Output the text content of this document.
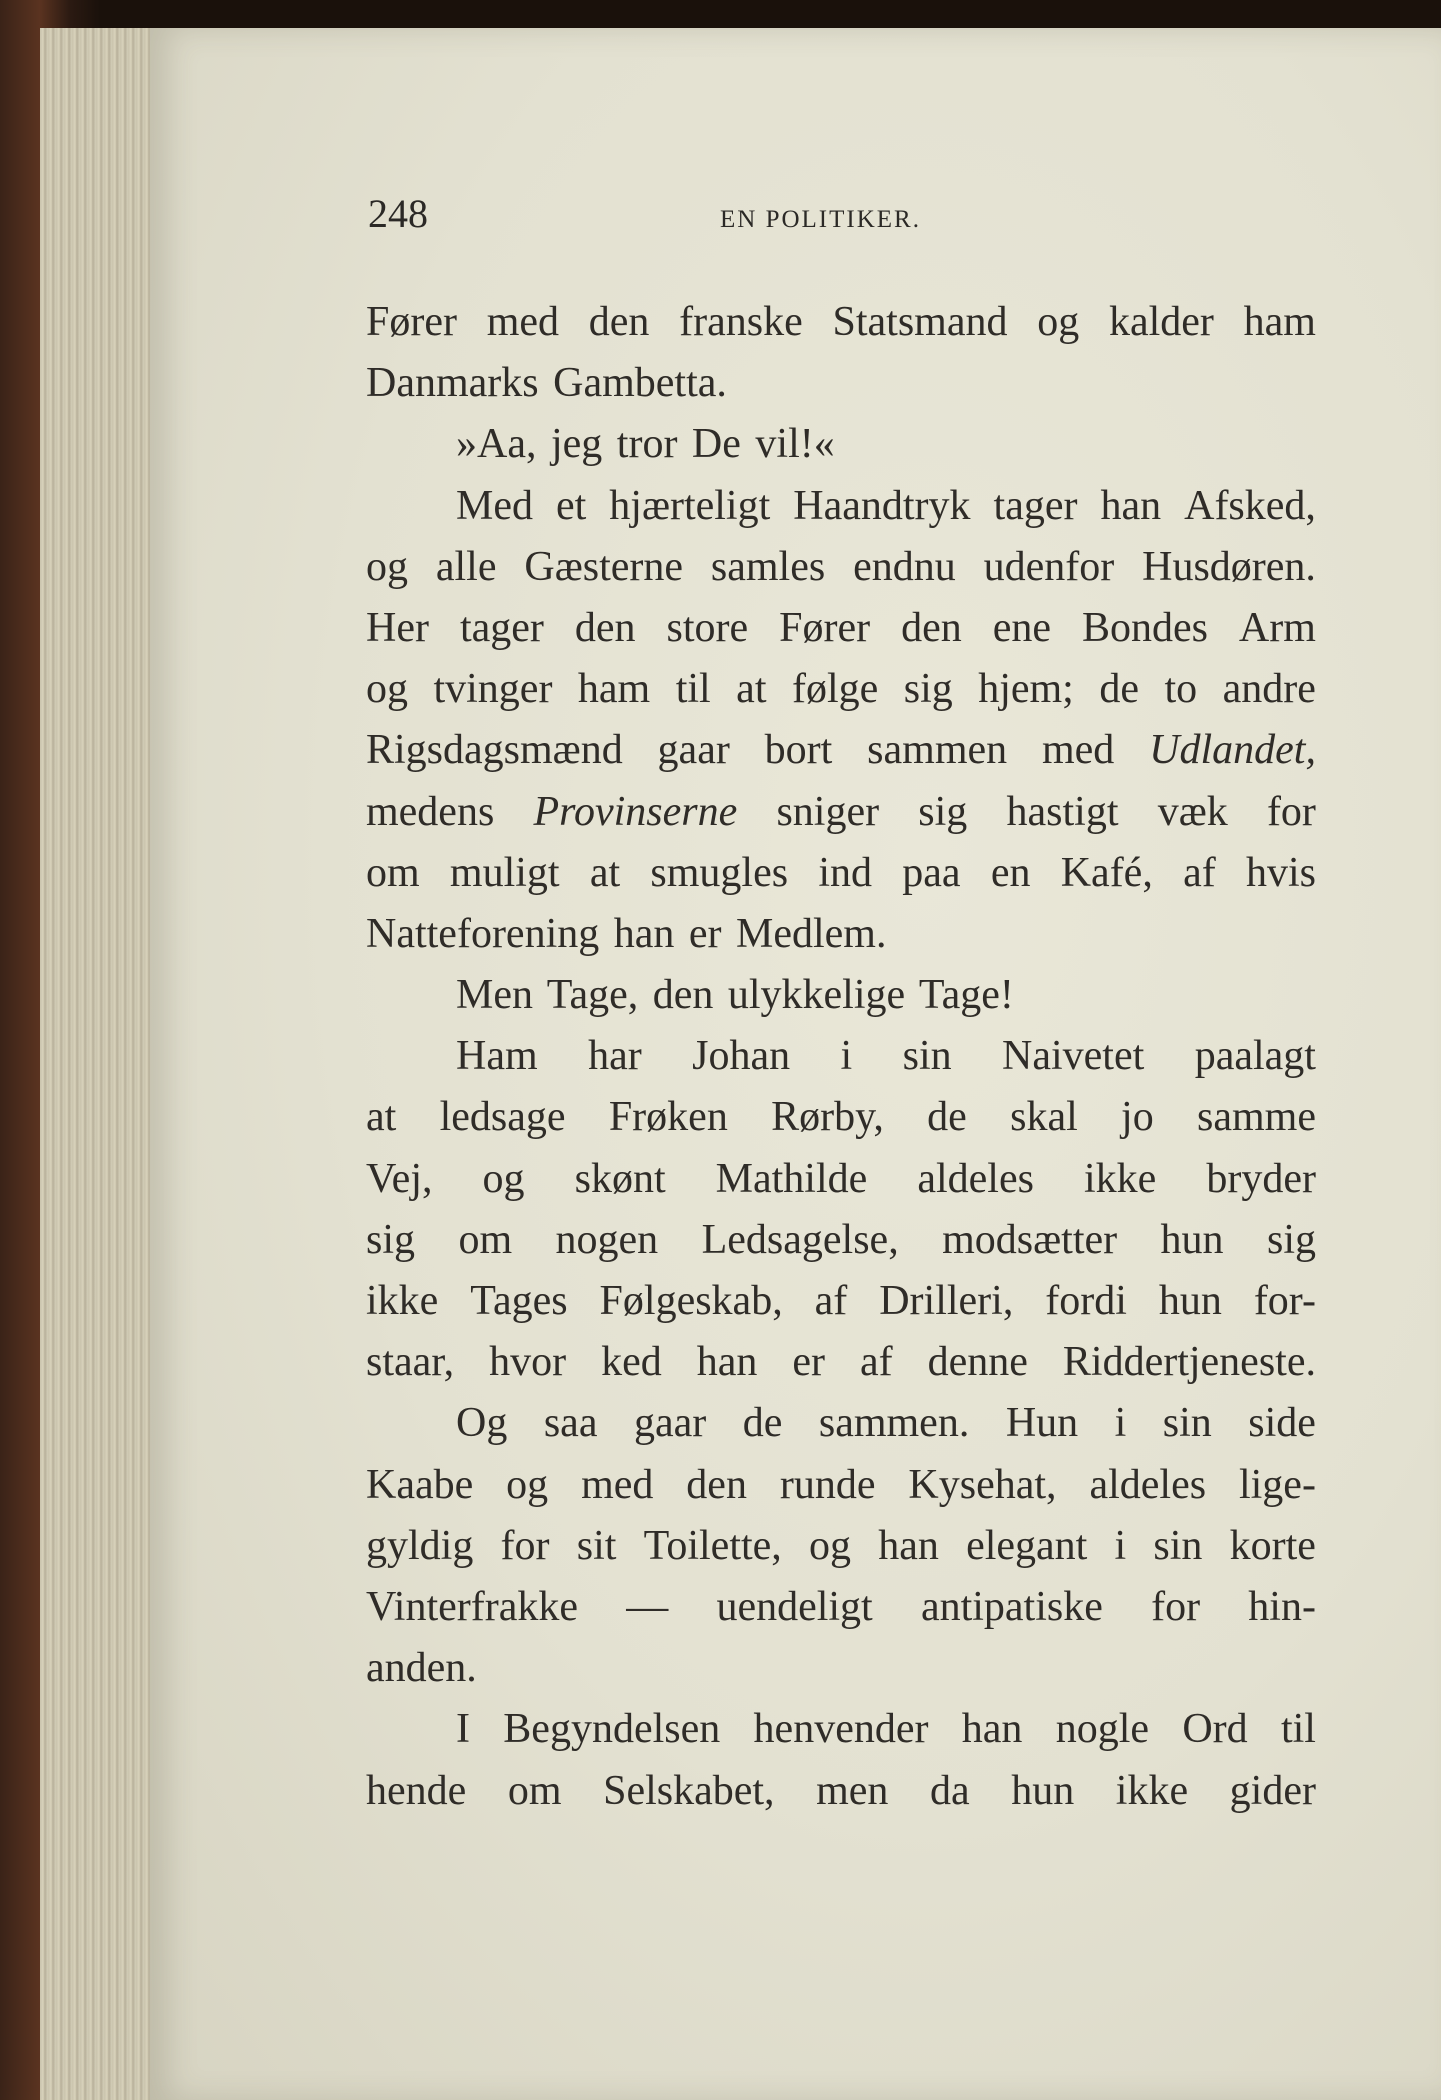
248	EN POLITIKER.
Fører med den franske Statsmand og kalder ham
Danmarks Gambetta.
»Aa, jeg tror De vil!«
Med et hjærteligt Haandtryk tager han Afsked,
og alle Gæsterne samles endnu udenfor Husdøren.
Her tager den store Fører den ene Bondes Arm
og tvinger ham til at følge sig hjem; de to andre
Rigsdagsmænd gaar bort sammen med Udlandet,
medens Provinserne sniger sig hastigt væk for
om muligt at smugles ind paa en Kafé, af hvis
Natteforening han er Medlem.
Men Tage, den ulykkelige Tage!
Ham har Johan i sin Naivetet paalagt
at ledsage Frøken Rørby, de skal jo samme
Vej, og skønt Mathilde aldeles ikke bryder
sig om nogen Ledsagelse, modsætter hun sig
ikke Tages Følgeskab, af Drilleri, fordi hun for-
staar, hvor ked han er af denne Riddertjeneste.
Og saa gaar de sammen. Hun i sin side
Kaabe og med den runde Kysehat, aldeles lige-
gyldig for sit Toilette, og han elegant i sin korte
Vinterfrakke — uendeligt antipatiske for hin-
anden.
I Begyndelsen henvender han nogle Ord til
hende om Selskabet, men da hun ikke gider
